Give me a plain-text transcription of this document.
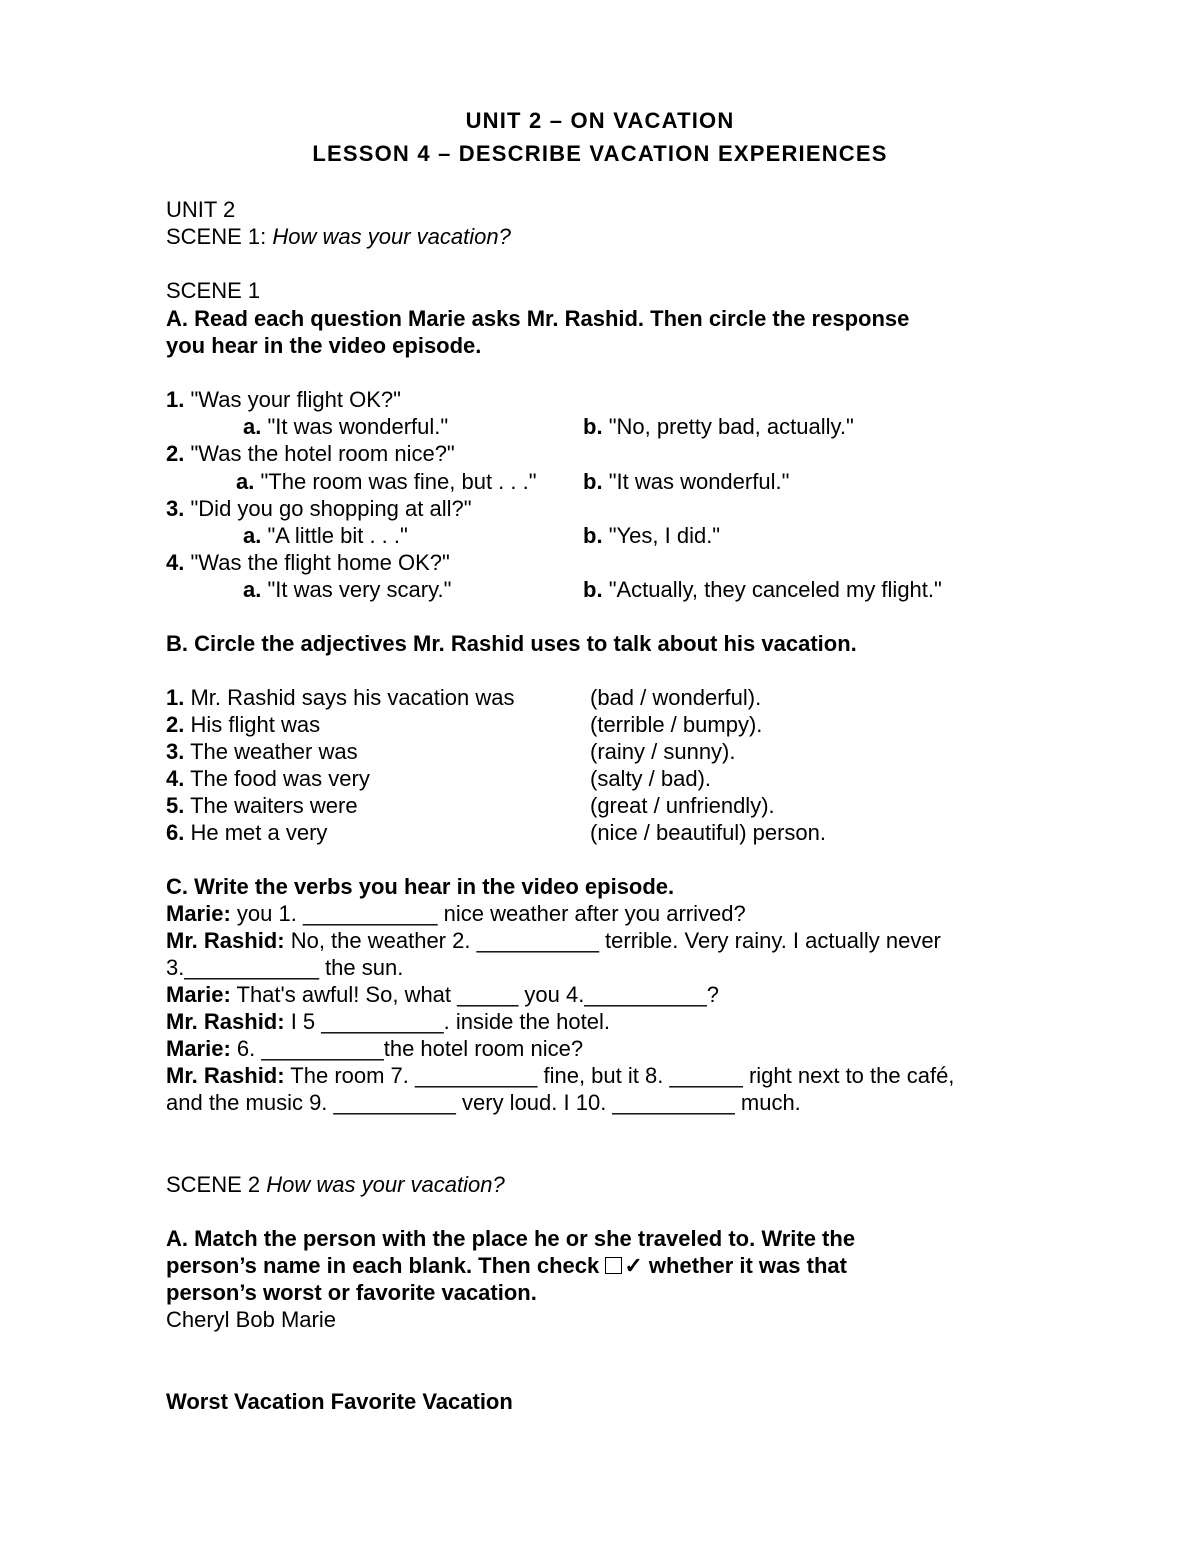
UNIT 2 – ON VACATION
LESSON 4 – DESCRIBE VACATION EXPERIENCES
UNIT 2
SCENE 1: How was your vacation?
SCENE 1
A. Read each question Marie asks Mr. Rashid. Then circle the response
you hear in the video episode.
1. "Was your flight OK?"
a. "It was wonderful."	b. "No, pretty bad, actually."
2. "Was the hotel room nice?"
a. "The room was fine, but . . ." b. "It was wonderful."
3. "Did you go shopping at all?"
a. "A little bit . . ."	b. "Yes, I did."
4. "Was the flight home OK?"
a. "It was very scary."	b. "Actually, they canceled my flight."
B. Circle the adjectives Mr. Rashid uses to talk about his vacation.
1. Mr. Rashid says his vacation was	(bad / wonderful).
2. His flight was	(terrible / bumpy).
3. The weather was	(rainy / sunny).
4. The food was very	(salty / bad).
5. The waiters were	(great / unfriendly).
6. He met a very	(nice / beautiful) person.
C. Write the verbs you hear in the video episode.
Marie: you 1. ___________ nice weather after you arrived?
Mr. Rashid: No, the weather 2. __________ terrible. Very rainy. I actually never
3.___________ the sun.
Marie: That's awful! So, what _____ you 4.__________?
Mr. Rashid: I 5 __________. inside the hotel.
Marie: 6. __________the hotel room nice?
Mr. Rashid: The room 7. __________ fine, but it 8. ______ right next to the café,
and the music 9. __________ very loud. I 10. __________ much.
SCENE 2 How was your vacation?
A. Match the person with the place he or she traveled to. Write the
person’s name in each blank. Then check ✓ whether it was that
person’s worst or favorite vacation.
Cheryl Bob Marie
Worst Vacation Favorite Vacation
